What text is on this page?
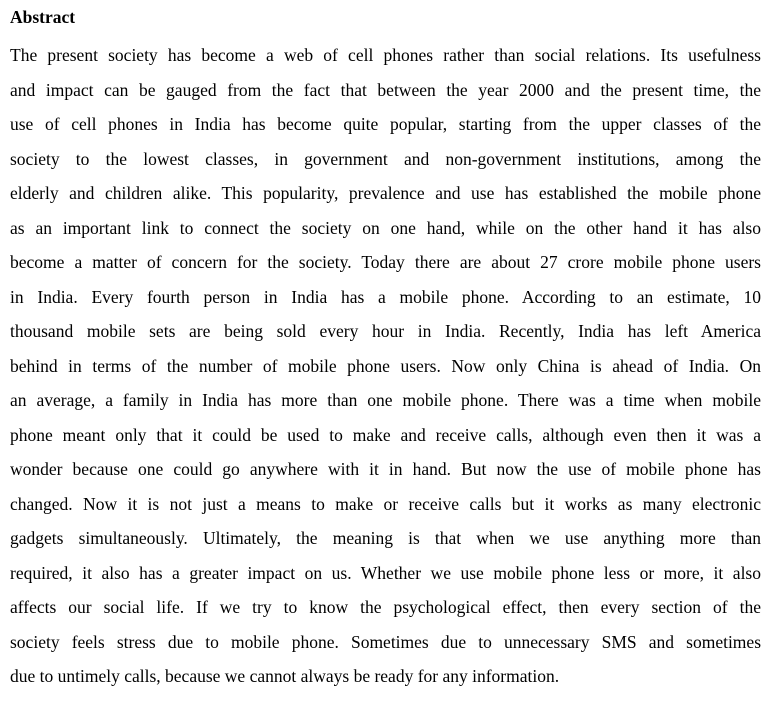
Abstract
The present society has become a web of cell phones rather than social relations. Its usefulness
and impact can be gauged from the fact that between the year 2000 and the present time, the
use of cell phones in India has become quite popular, starting from the upper classes of the
society to the lowest classes, in government and non-government institutions, among the
elderly and children alike. This popularity, prevalence and use has established the mobile phone
as an important link to connect the society on one hand, while on the other hand it has also
become a matter of concern for the society. Today there are about 27 crore mobile phone users
in India. Every fourth person in India has a mobile phone. According to an estimate, 10
thousand mobile sets are being sold every hour in India. Recently, India has left America
behind in terms of the number of mobile phone users. Now only China is ahead of India. On
an average, a family in India has more than one mobile phone. There was a time when mobile
phone meant only that it could be used to make and receive calls, although even then it was a
wonder because one could go anywhere with it in hand. But now the use of mobile phone has
changed. Now it is not just a means to make or receive calls but it works as many electronic
gadgets simultaneously. Ultimately, the meaning is that when we use anything more than
required, it also has a greater impact on us. Whether we use mobile phone less or more, it also
affects our social life. If we try to know the psychological effect, then every section of the
society feels stress due to mobile phone. Sometimes due to unnecessary SMS and sometimes
due to untimely calls, because we cannot always be ready for any information.
